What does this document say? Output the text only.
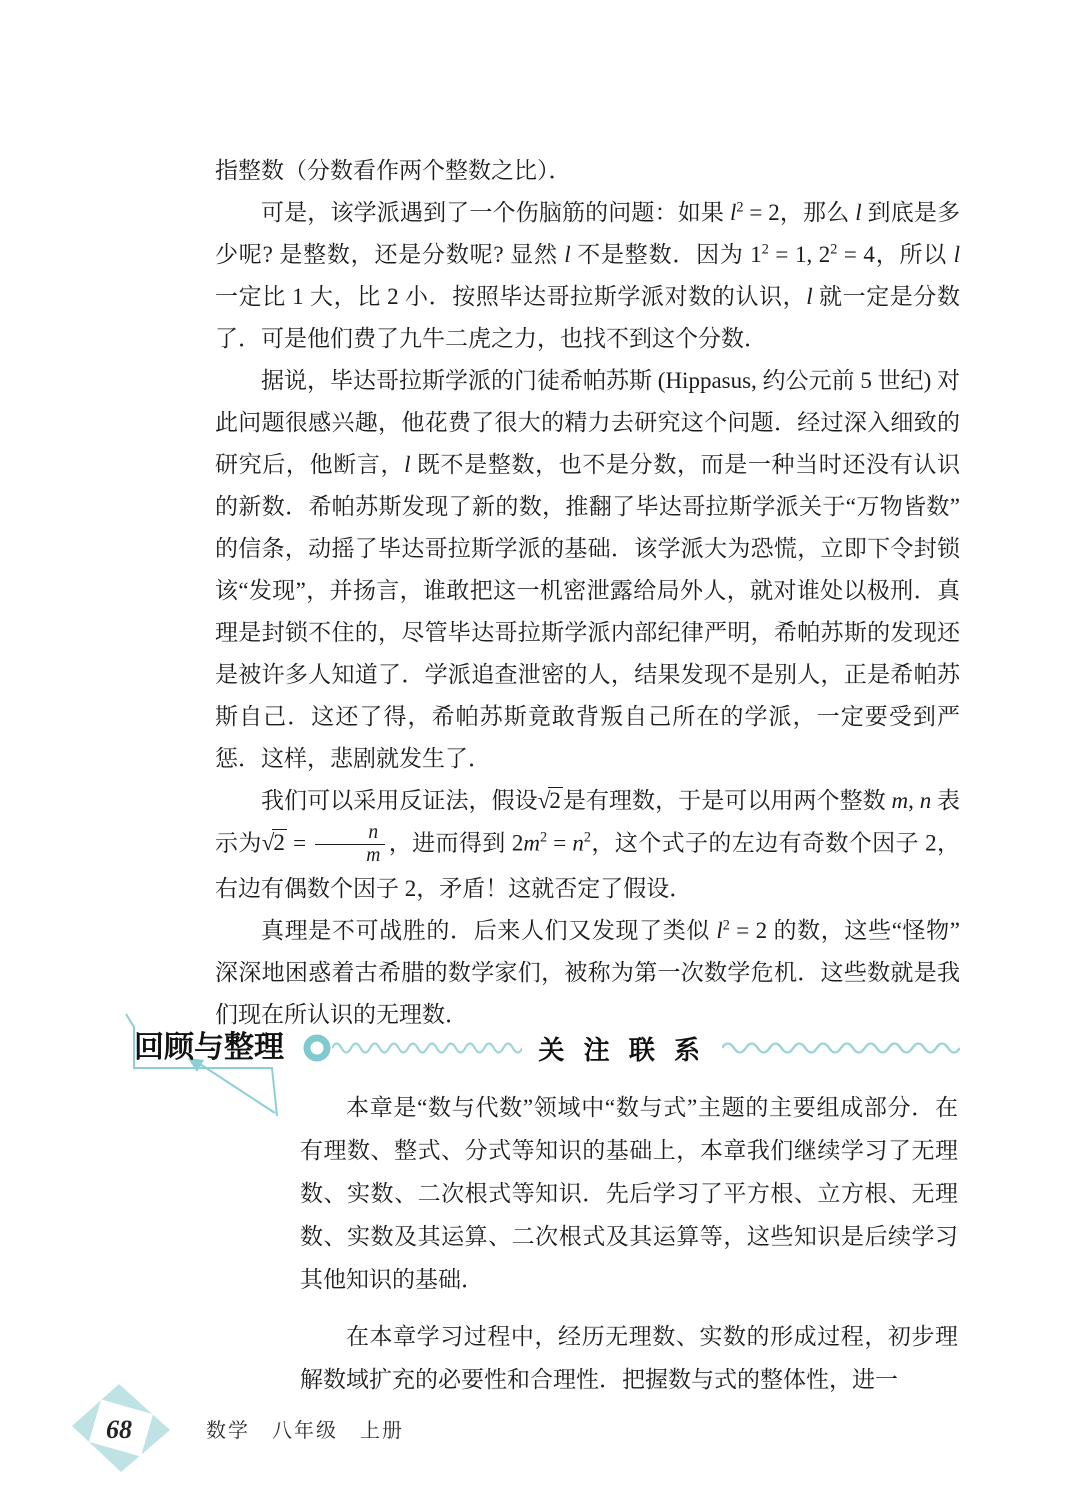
指整数（分数看作两个整数之比）．

可是，该学派遇到了一个伤脑筋的问题：如果 $l^2 = 2$，那么 l 到底是多少呢? 是整数，还是分数呢? 显然 l 不是整数．因为 $1^2 = 1$, $2^2 = 4$，所以 l 一定比 1 大，比 2 小．按照毕达哥拉斯学派对数的认识，l 就一定是分数了．可是他们费了九牛二虎之力，也找不到这个分数．

据说，毕达哥拉斯学派的门徒希帕苏斯 (Hippasus, 约公元前 5 世纪) 对此问题很感兴趣，他花费了很大的精力去研究这个问题．经过深入细致的研究后，他断言，l 既不是整数，也不是分数，而是一种当时还没有认识的新数．希帕苏斯发现了新的数，推翻了毕达哥拉斯学派关于“万物皆数”的信条，动摇了毕达哥拉斯学派的基础．该学派大为恐慌，立即下令封锁该“发现”，并扬言，谁敢把这一机密泄露给局外人，就对谁处以极刑．真理是封锁不住的，尽管毕达哥拉斯学派内部纪律严明，希帕苏斯的发现还是被许多人知道了．学派追查泄密的人，结果发现不是别人，正是希帕苏斯自己．这还了得，希帕苏斯竟敢背叛自己所在的学派，一定要受到严惩．这样，悲剧就发生了．

我们可以采用反证法，假设√2是有理数，于是可以用两个整数 m, n 表示为$√2 = \frac{n}{m}$ ，进而得到 $2m^2 = n^2$，这个式子的左边有奇数个因子 2，右边有偶数个因子 2，矛盾！这就否定了假设．

真理是不可战胜的．后来人们又发现了类似 $l^2 = 2$ 的数，这些“怪物”深深地困惑着古希腊的数学家们，被称为第一次数学危机．这些数就是我们现在所认识的无理数．

回顾与整理	关 注 联 系

本章是“数与代数”领域中“数与式”主题的主要组成部分．在有理数、整式、分式等知识的基础上，本章我们继续学习了无理数、实数、二次根式等知识．先后学习了平方根、立方根、无理数、实数及其运算、二次根式及其运算等，这些知识是后续学习其他知识的基础．

在本章学习过程中，经历无理数、实数的形成过程，初步理解数域扩充的必要性和合理性．把握数与式的整体性，进一

68	数学　八年级　上册
